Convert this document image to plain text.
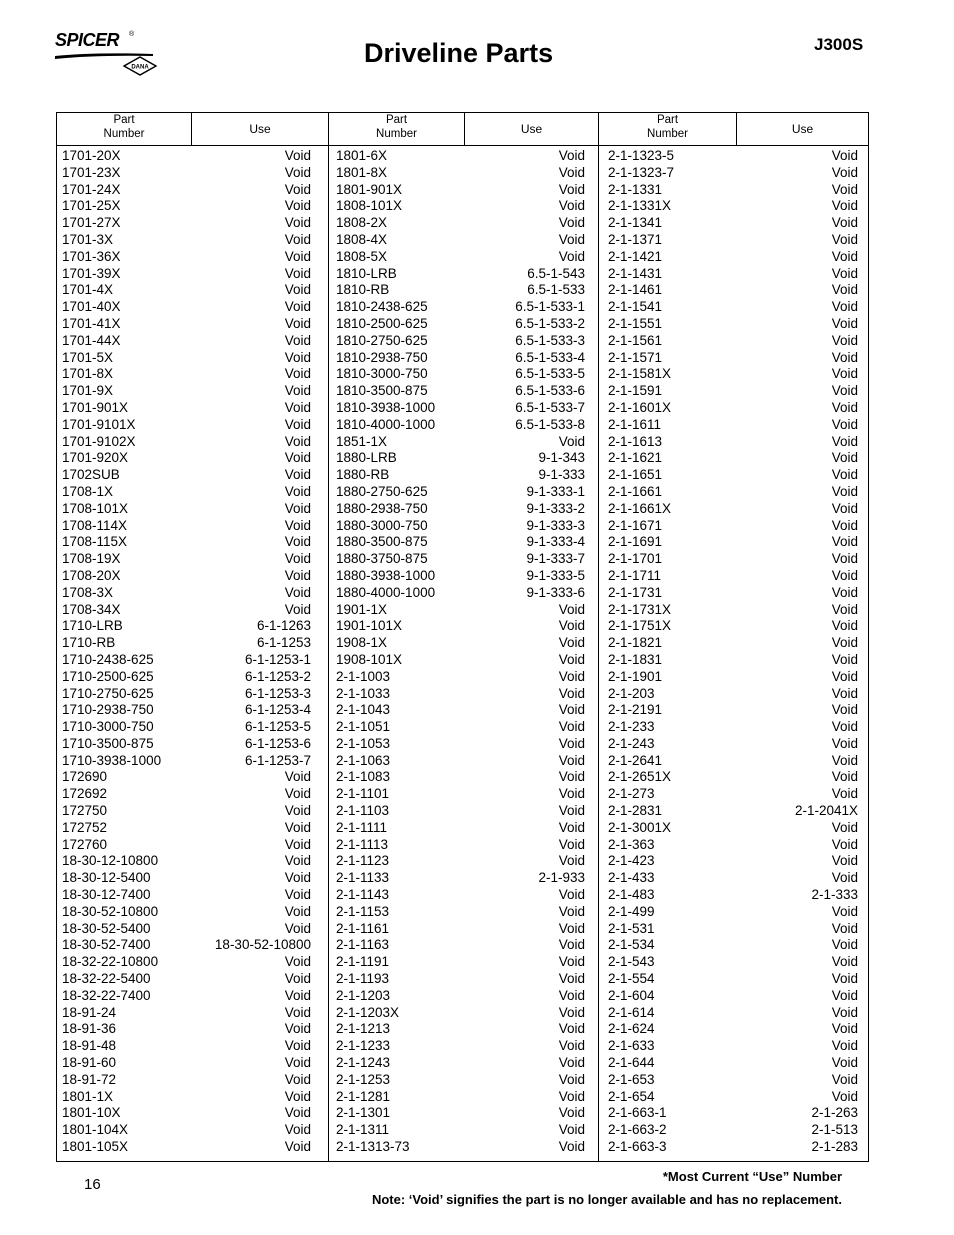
SPICER ®
DANA	Driveline Parts	J300S
Part
Number	Use
Part
Number	Use
Part
Number	Use
1701-20X	Void
1701-23X	Void
1701-24X	Void
1701-25X	Void
1701-27X	Void
1701-3X	Void
1701-36X	Void
1701-39X	Void
1701-4X	Void
1701-40X	Void
1701-41X	Void
1701-44X	Void
1701-5X	Void
1701-8X	Void
1701-9X	Void
1701-901X	Void
1701-9101X	Void
1701-9102X	Void
1701-920X	Void
1702SUB	Void
1708-1X	Void
1708-101X	Void
1708-114X	Void
1708-115X	Void
1708-19X	Void
1708-20X	Void
1708-3X	Void
1708-34X	Void
1710-LRB	6-1-1263
1710-RB	6-1-1253
1710-2438-625	6-1-1253-1
1710-2500-625	6-1-1253-2
1710-2750-625	6-1-1253-3
1710-2938-750	6-1-1253-4
1710-3000-750	6-1-1253-5
1710-3500-875	6-1-1253-6
1710-3938-1000	6-1-1253-7
172690	Void
172692	Void
172750	Void
172752	Void
172760	Void
18-30-12-10800	Void
18-30-12-5400	Void
18-30-12-7400	Void
18-30-52-10800	Void
18-30-52-5400	Void
18-30-52-7400	18-30-52-10800
18-32-22-10800	Void
18-32-22-5400	Void
18-32-22-7400	Void
18-91-24	Void
18-91-36	Void
18-91-48	Void
18-91-60	Void
18-91-72	Void
1801-1X	Void
1801-10X	Void
1801-104X	Void
1801-105X	Void
1801-6X	Void
1801-8X	Void
1801-901X	Void
1808-101X	Void
1808-2X	Void
1808-4X	Void
1808-5X	Void
1810-LRB	6.5-1-543
1810-RB	6.5-1-533
1810-2438-625	6.5-1-533-1
1810-2500-625	6.5-1-533-2
1810-2750-625	6.5-1-533-3
1810-2938-750	6.5-1-533-4
1810-3000-750	6.5-1-533-5
1810-3500-875	6.5-1-533-6
1810-3938-1000	6.5-1-533-7
1810-4000-1000	6.5-1-533-8
1851-1X	Void
1880-LRB	9-1-343
1880-RB	9-1-333
1880-2750-625	9-1-333-1
1880-2938-750	9-1-333-2
1880-3000-750	9-1-333-3
1880-3500-875	9-1-333-4
1880-3750-875	9-1-333-7
1880-3938-1000	9-1-333-5
1880-4000-1000	9-1-333-6
1901-1X	Void
1901-101X	Void
1908-1X	Void
1908-101X	Void
2-1-1003	Void
2-1-1033	Void
2-1-1043	Void
2-1-1051	Void
2-1-1053	Void
2-1-1063	Void
2-1-1083	Void
2-1-1101	Void
2-1-1103	Void
2-1-1111	Void
2-1-1113	Void
2-1-1123	Void
2-1-1133	2-1-933
2-1-1143	Void
2-1-1153	Void
2-1-1161	Void
2-1-1163	Void
2-1-1191	Void
2-1-1193	Void
2-1-1203	Void
2-1-1203X	Void
2-1-1213	Void
2-1-1233	Void
2-1-1243	Void
2-1-1253	Void
2-1-1281	Void
2-1-1301	Void
2-1-1311	Void
2-1-1313-73	Void
2-1-1323-5	Void
2-1-1323-7	Void
2-1-1331	Void
2-1-1331X	Void
2-1-1341	Void
2-1-1371	Void
2-1-1421	Void
2-1-1431	Void
2-1-1461	Void
2-1-1541	Void
2-1-1551	Void
2-1-1561	Void
2-1-1571	Void
2-1-1581X	Void
2-1-1591	Void
2-1-1601X	Void
2-1-1611	Void
2-1-1613	Void
2-1-1621	Void
2-1-1651	Void
2-1-1661	Void
2-1-1661X	Void
2-1-1671	Void
2-1-1691	Void
2-1-1701	Void
2-1-1711	Void
2-1-1731	Void
2-1-1731X	Void
2-1-1751X	Void
2-1-1821	Void
2-1-1831	Void
2-1-1901	Void
2-1-203	Void
2-1-2191	Void
2-1-233	Void
2-1-243	Void
2-1-2641	Void
2-1-2651X	Void
2-1-273	Void
2-1-2831	2-1-2041X
2-1-3001X	Void
2-1-363	Void
2-1-423	Void
2-1-433	Void
2-1-483	2-1-333
2-1-499	Void
2-1-531	Void
2-1-534	Void
2-1-543	Void
2-1-554	Void
2-1-604	Void
2-1-614	Void
2-1-624	Void
2-1-633	Void
2-1-644	Void
2-1-653	Void
2-1-654	Void
2-1-663-1	2-1-263
2-1-663-2	2-1-513
2-1-663-3	2-1-283
16	*Most Current “Use” Number
Note: ‘Void’ signifies the part is no longer available and has no replacement.
